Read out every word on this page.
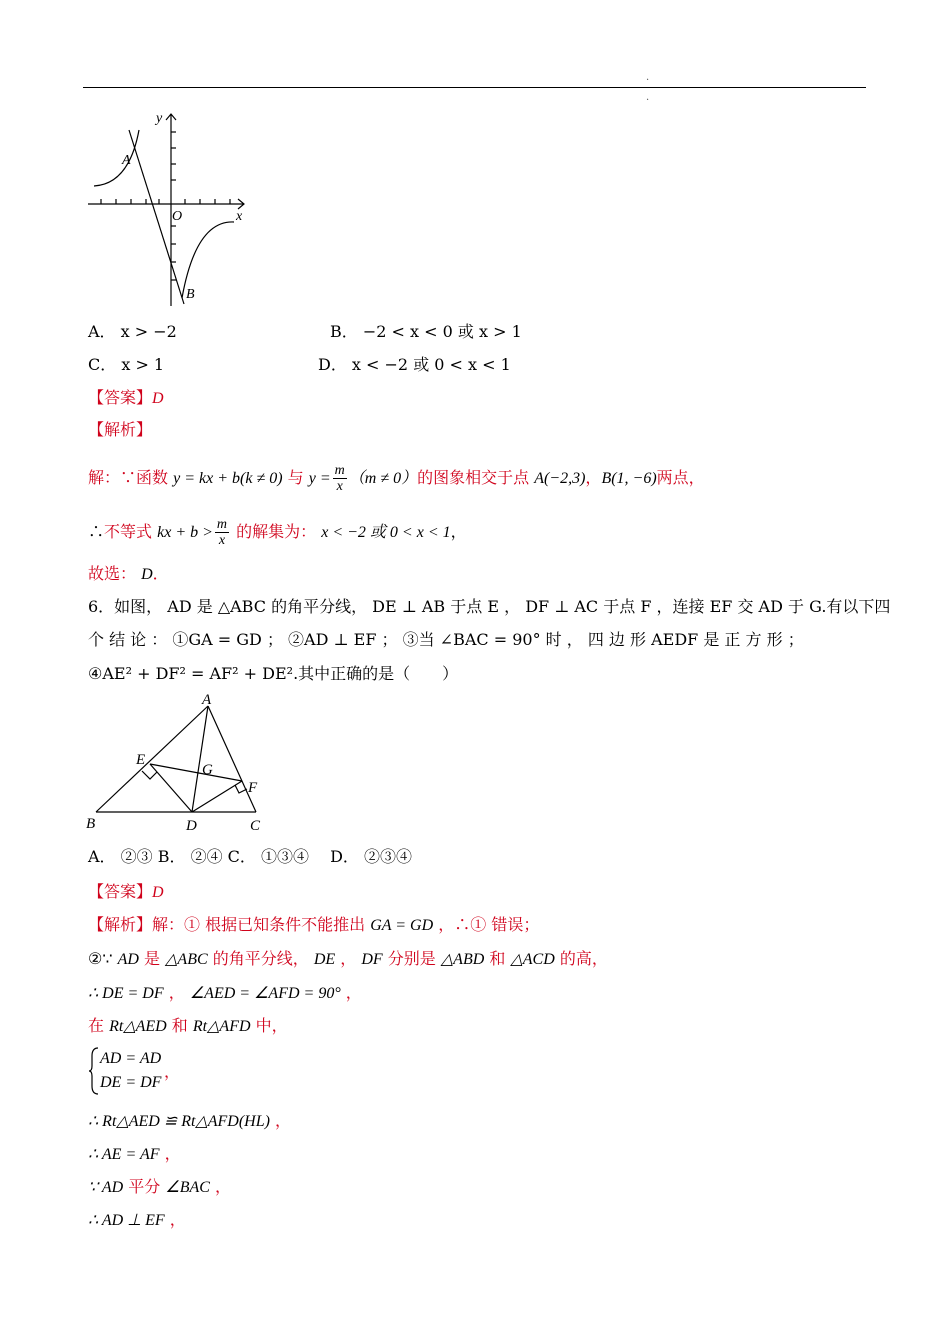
.
.
y
x
O
A
B
A． x > −2	B． −2 < x < 0 或 x > 1
C． x > 1	D． x < −2 或 0 < x < 1
【答案】D
【解析】
解：∵函数 y = kx + b(k ≠ 0) 与 $y = \frac{m}{x} (m \ne 0)$的图象相交于点 A(−2,3)，B(1, −6)两点，
∴不等式 kx + $b > \frac{m}{x}$ 的解集为： x < −2 或 0 < x < 1，
故选： D．
6．如图， AD 是 △ABC 的角平分线， DE ⊥ AB 于点 E ， DF ⊥ AC 于点 F ，连接 EF 交 AD 于 G.有以下四
个 结 论 ： ①GA = GD ； ②AD ⊥ EF ； ③当 ∠BAC = 90° 时 ， 四 边 形 AEDF 是 正 方 形 ；
④AE² + DF² = AF² + DE².其中正确的是（　　）
A
B	C
D
E
F
G
A． ②③ B． ②④ C． ①③④　 D． ②③④
【答案】D
【解析】解：① 根据已知条件不能推出 GA = GD ，∴① 错误；
②∵ AD 是 △ABC 的角平分线， DE ， DF 分别是 △ABD 和 △ACD 的高，
∴ DE = DF ， ∠AED = ∠AFD = 90° ，
在 Rt△AED 和 Rt△AFD 中，
AD = AD
DE = DF
，
∴ Rt△AED ≌ Rt△AFD(HL) ，
∴ AE = AF ，
∵ AD 平分 ∠BAC ，
∴ AD ⊥ EF ，
